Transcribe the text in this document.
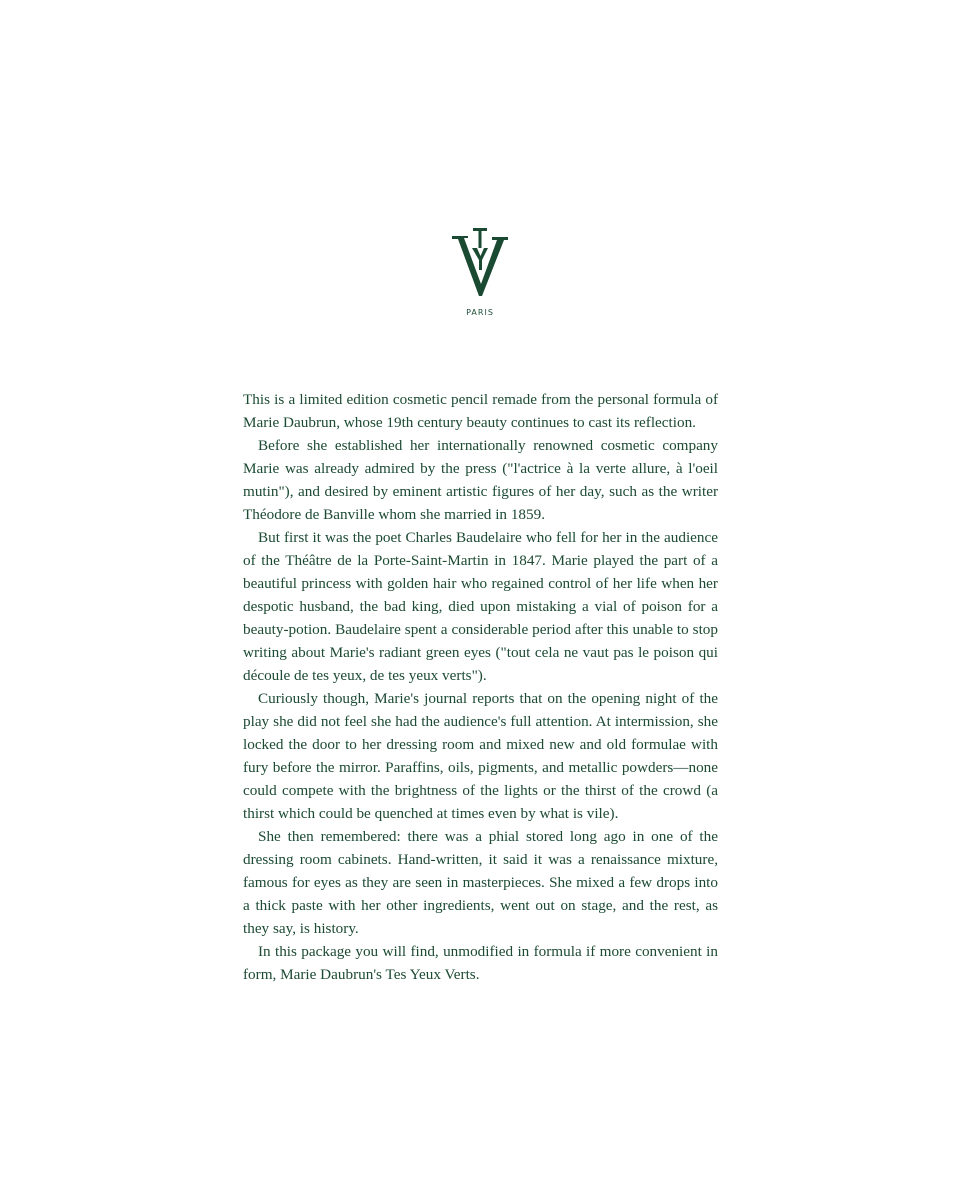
PARIS

This is a limited edition cosmetic pencil remade from the personal formula of Marie Daubrun, whose 19th century beauty continues to cast its reflection.

Before she established her internationally renowned cosmetic company Marie was already admired by the press ("l'actrice à la verte allure, à l'oeil mutin"), and desired by eminent artistic figures of her day, such as the writer Théodore de Banville whom she married in 1859.

But first it was the poet Charles Baudelaire who fell for her in the audience of the Théâtre de la Porte-Saint-Martin in 1847. Marie played the part of a beautiful princess with golden hair who regained control of her life when her despotic husband, the bad king, died upon mistaking a vial of poison for a beauty-potion. Baudelaire spent a considerable period after this unable to stop writing about Marie's radiant green eyes ("tout cela ne vaut pas le poison qui découle de tes yeux, de tes yeux verts").

Curiously though, Marie's journal reports that on the opening night of the play she did not feel she had the audience's full attention. At intermission, she locked the door to her dressing room and mixed new and old formulae with fury before the mirror. Paraffins, oils, pigments, and metallic powders—none could compete with the brightness of the lights or the thirst of the crowd (a thirst which could be quenched at times even by what is vile).

She then remembered: there was a phial stored long ago in one of the dressing room cabinets. Hand-written, it said it was a renaissance mixture, famous for eyes as they are seen in masterpieces. She mixed a few drops into a thick paste with her other ingredients, went out on stage, and the rest, as they say, is history.

In this package you will find, unmodified in formula if more convenient in form, Marie Daubrun's Tes Yeux Verts.
